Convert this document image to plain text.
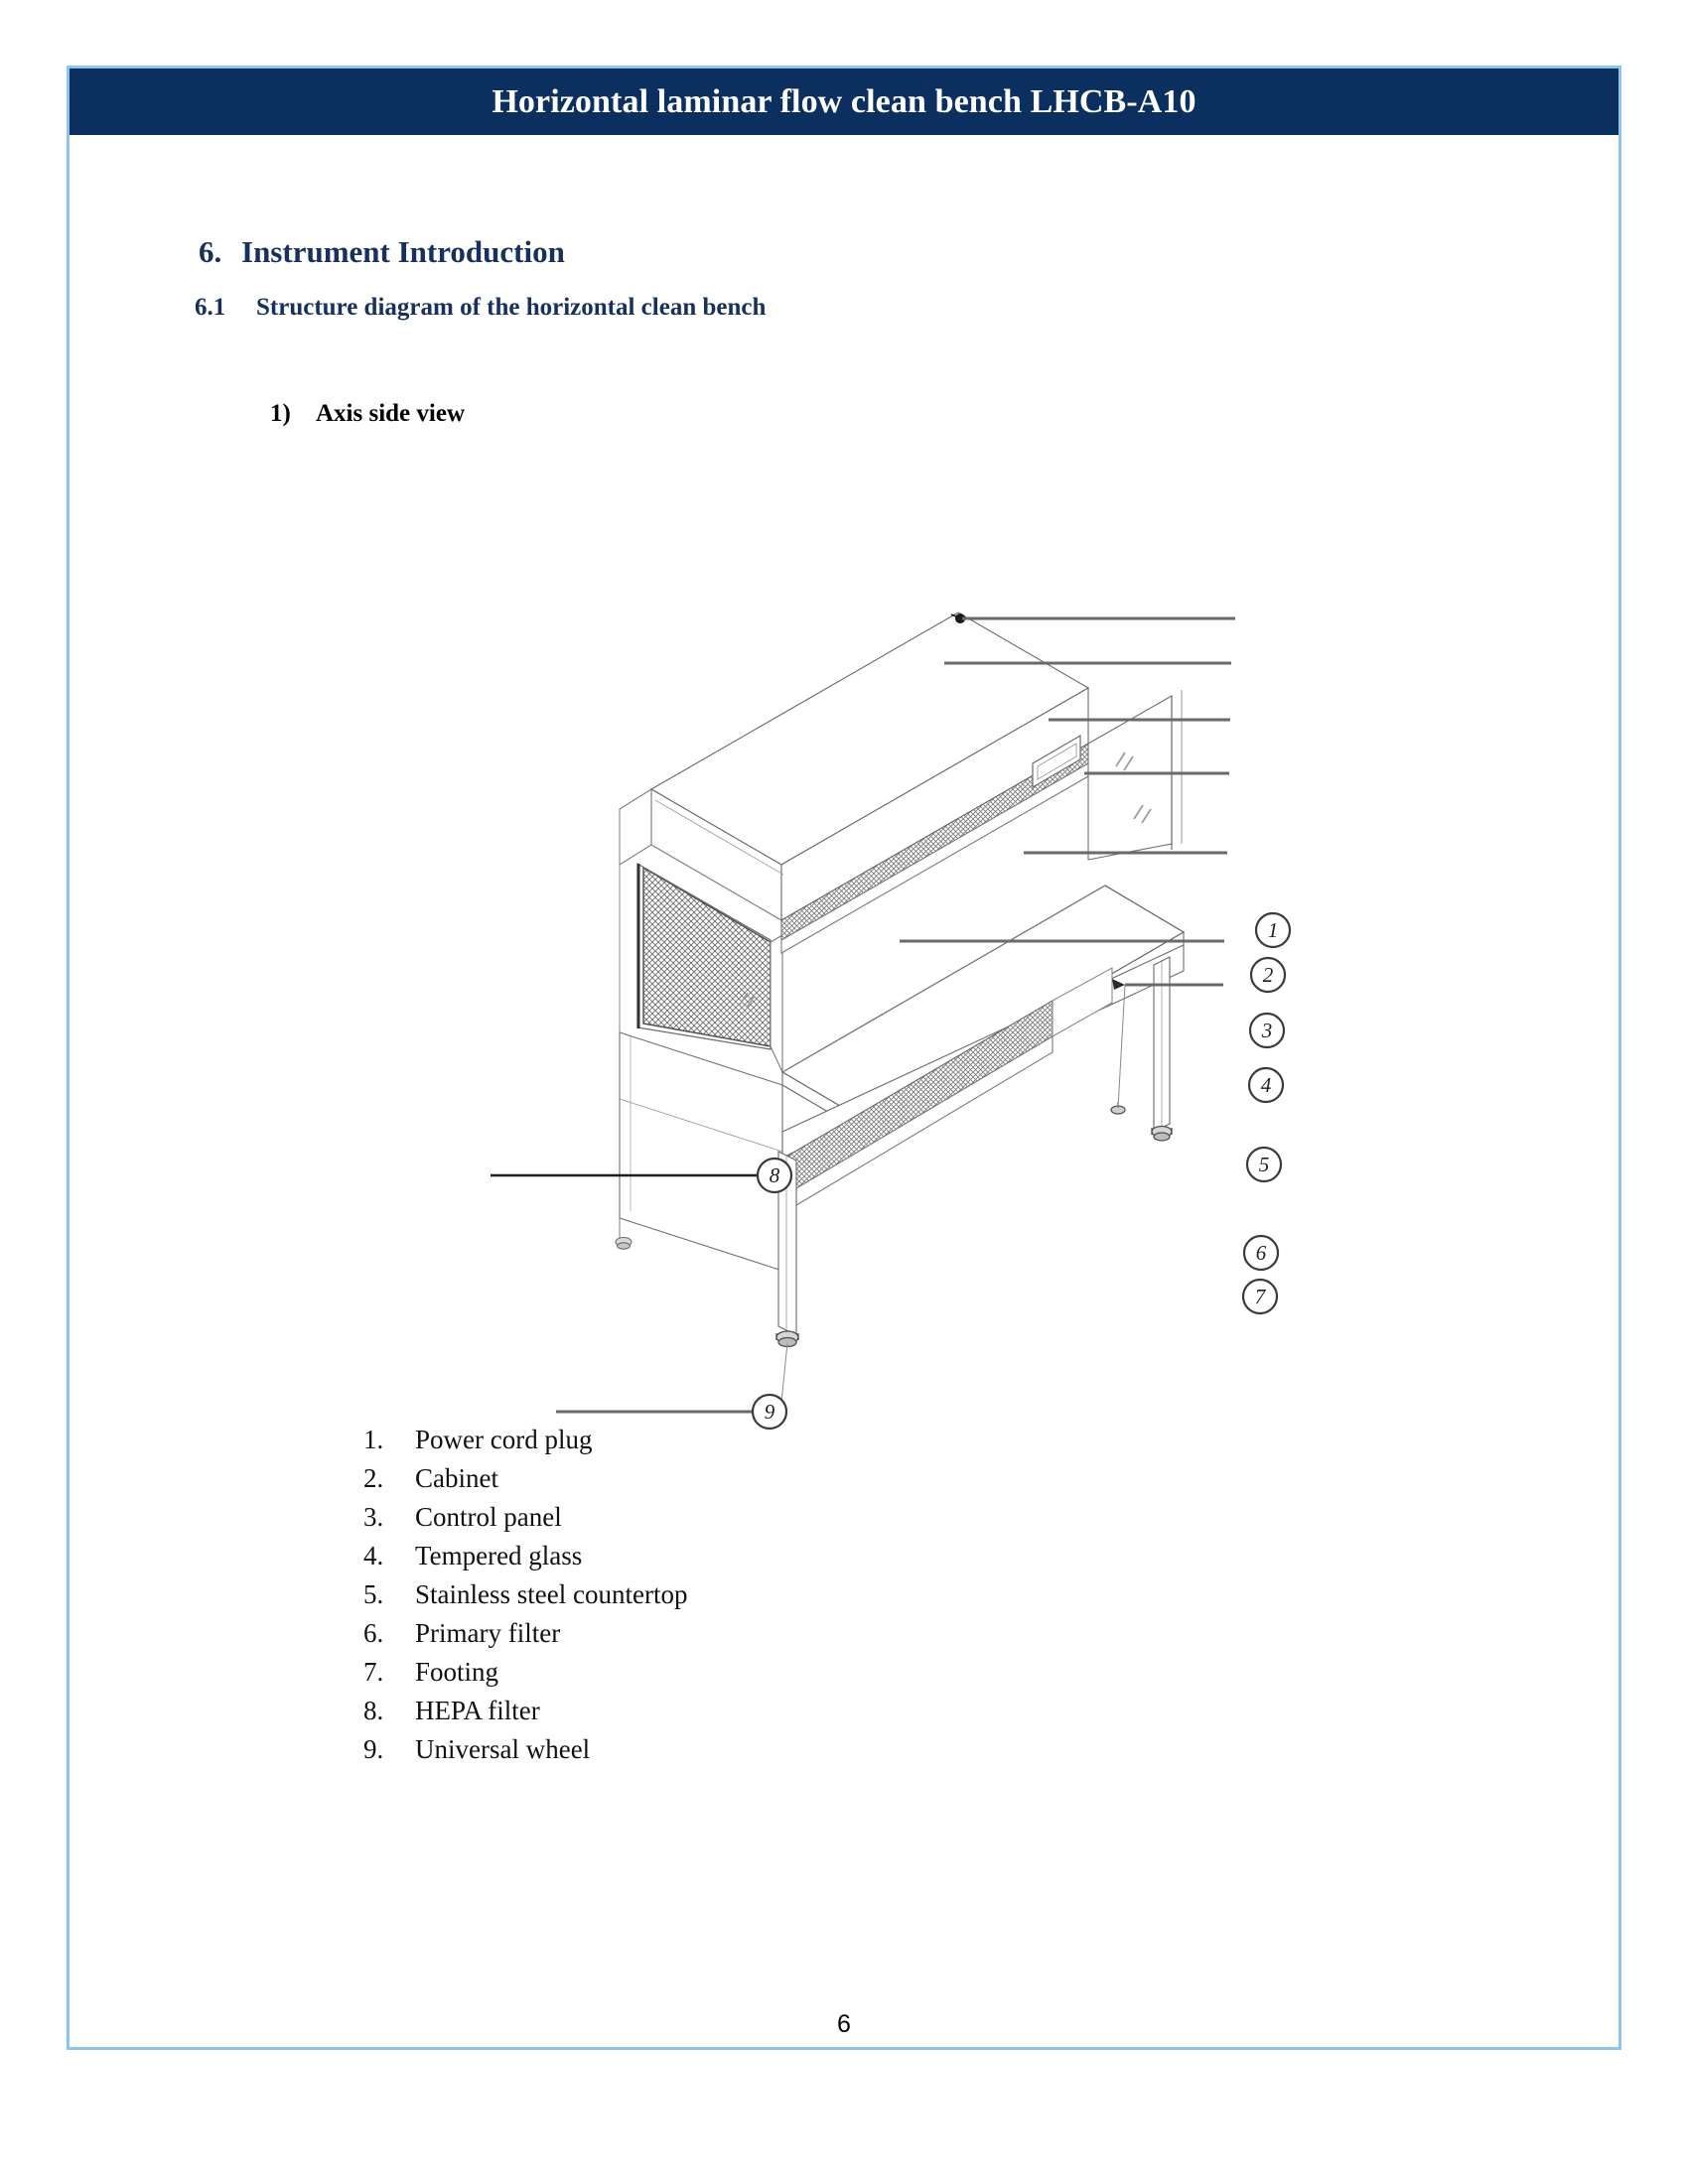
Horizontal laminar flow clean bench LHCB-A10
6. Instrument Introduction
6.1 Structure diagram of the horizontal clean bench
1) Axis side view
1
2
3
4
5
6
7
8
9
1.	Power cord plug
2.	Cabinet
3.	Control panel
4.	Tempered glass
5.	Stainless steel countertop
6.	Primary filter
7.	Footing
8.	HEPA filter
9.	Universal wheel
6
